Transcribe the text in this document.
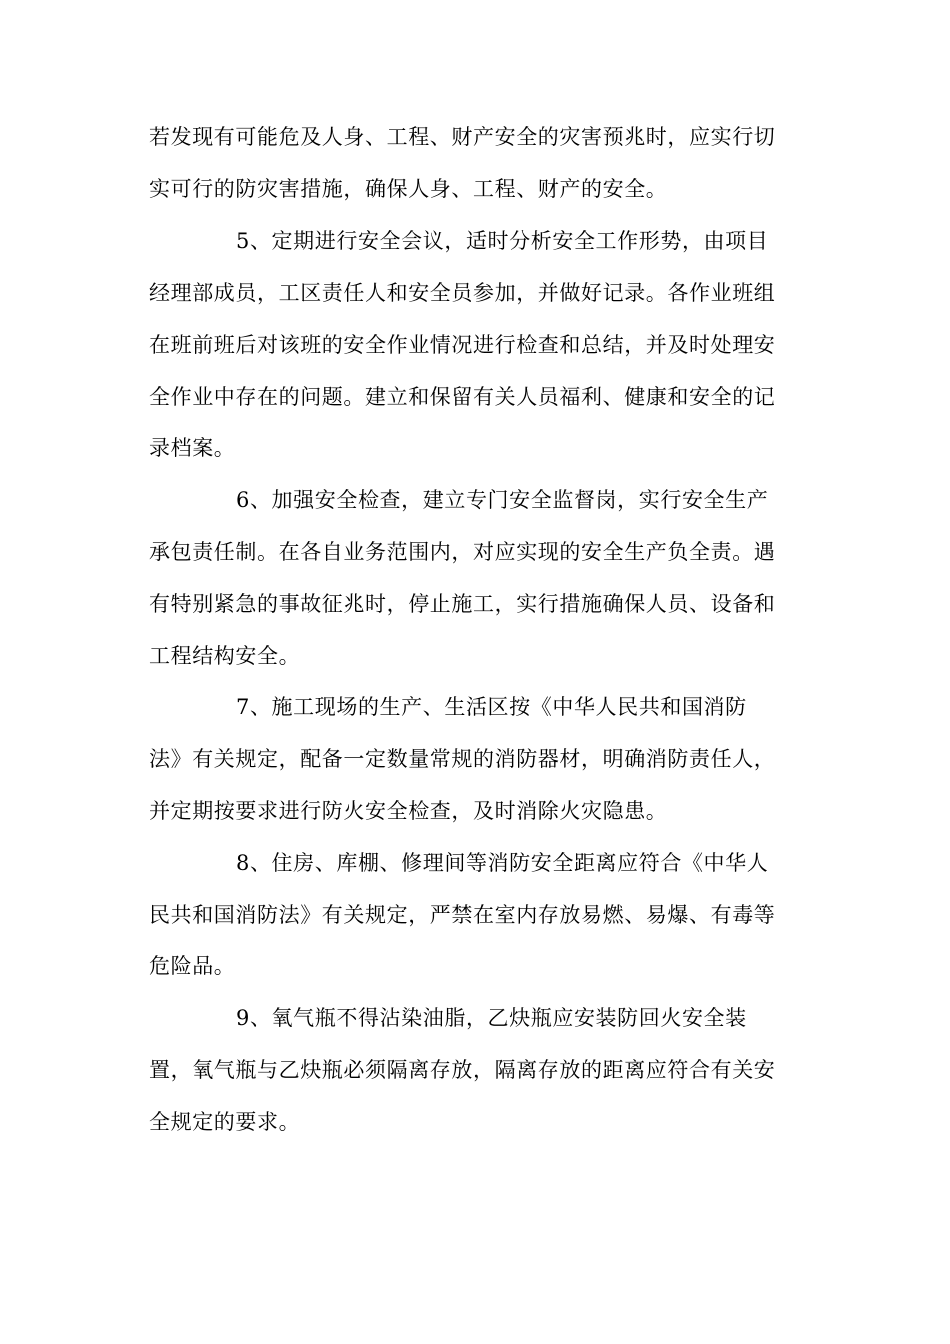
若发现有可能危及人身、工程、财产安全的灾害预兆时，应实行切
实可行的防灾害措施，确保人身、工程、财产的安全。
5、定期进行安全会议，适时分析安全工作形势，由项目
经理部成员，工区责任人和安全员参加，并做好记录。各作业班组
在班前班后对该班的安全作业情况进行检查和总结，并及时处理安
全作业中存在的问题。建立和保留有关人员福利、健康和安全的记
录档案。
6、加强安全检查，建立专门安全监督岗，实行安全生产
承包责任制。在各自业务范围内，对应实现的安全生产负全责。遇
有特别紧急的事故征兆时，停止施工，实行措施确保人员、设备和
工程结构安全。
7、施工现场的生产、生活区按《中华人民共和国消防
法》有关规定，配备一定数量常规的消防器材，明确消防责任人，
并定期按要求进行防火安全检查，及时消除火灾隐患。
8、住房、库棚、修理间等消防安全距离应符合《中华人
民共和国消防法》有关规定，严禁在室内存放易燃、易爆、有毒等
危险品。
9、氧气瓶不得沾染油脂，乙炔瓶应安装防回火安全装
置，氧气瓶与乙炔瓶必须隔离存放，隔离存放的距离应符合有关安
全规定的要求。
